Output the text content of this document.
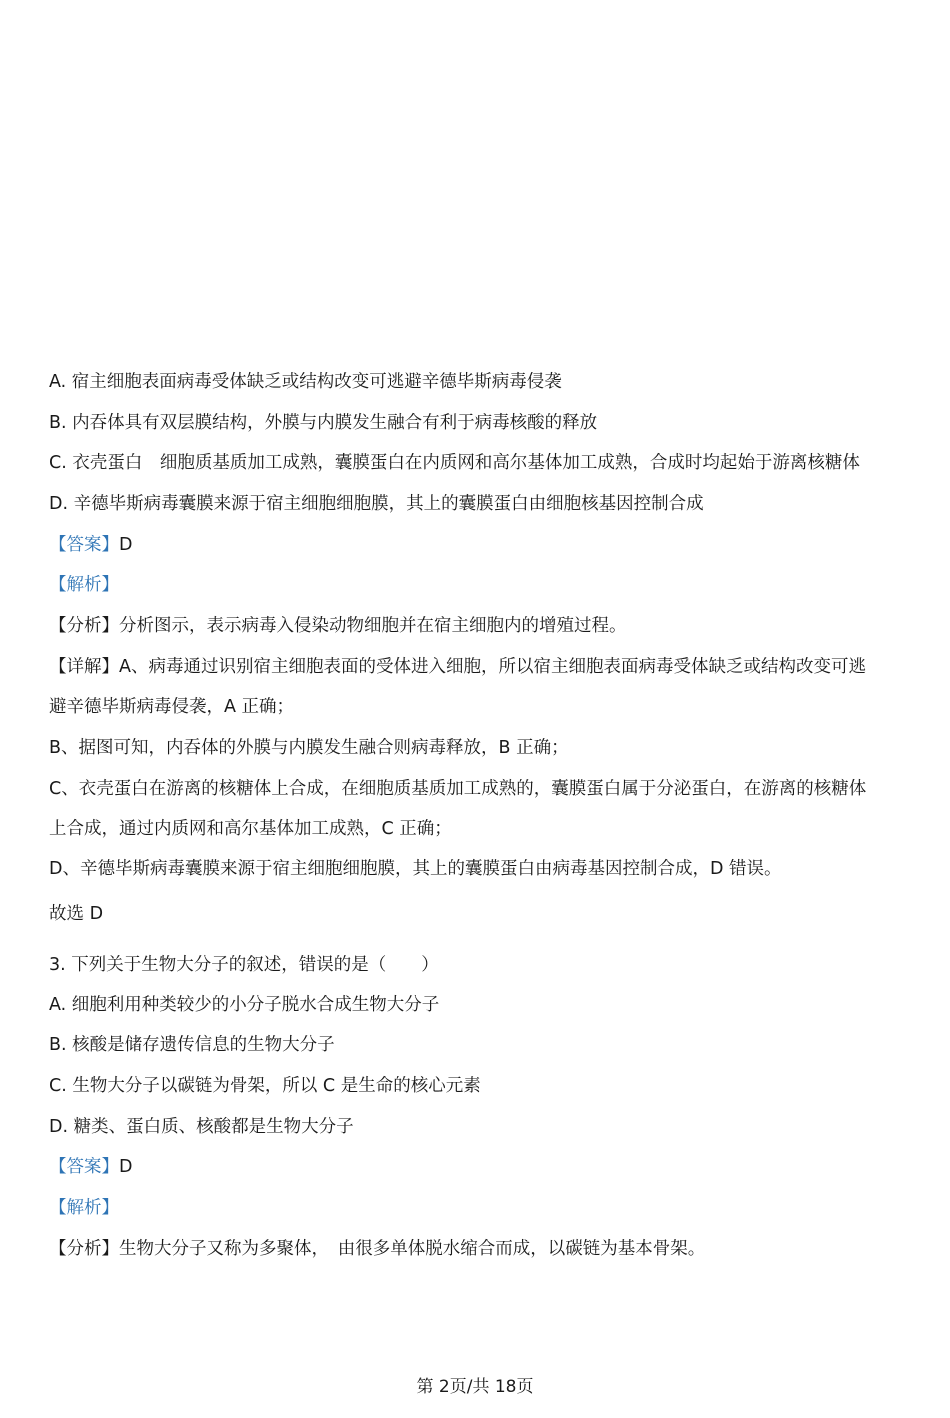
A. 宿主细胞表面病毒受体缺乏或结构改变可逃避辛德毕斯病毒侵袭
B. 内吞体具有双层膜结构，外膜与内膜发生融合有利于病毒核酸的释放
C. 衣壳蛋白　细胞质基质加工成熟，囊膜蛋白在内质网和高尔基体加工成熟，合成时均起始于游离核糖体
D. 辛德毕斯病毒囊膜来源于宿主细胞细胞膜，其上的囊膜蛋白由细胞核基因控制合成
【答案】D
【解析】
【分析】分析图示，表示病毒入侵染动物细胞并在宿主细胞内的增殖过程。
【详解】A、病毒通过识别宿主细胞表面的受体进入细胞，所以宿主细胞表面病毒受体缺乏或结构改变可逃
避辛德毕斯病毒侵袭，A 正确；
B、据图可知，内吞体的外膜与内膜发生融合则病毒释放，B 正确；
C、衣壳蛋白在游离的核糖体上合成，在细胞质基质加工成熟的，囊膜蛋白属于分泌蛋白，在游离的核糖体
上合成，通过内质网和高尔基体加工成熟，C 正确；
D、辛德毕斯病毒囊膜来源于宿主细胞细胞膜，其上的囊膜蛋白由病毒基因控制合成，D 错误。
故选 D
3. 下列关于生物大分子的叙述，错误的是（　　）
A. 细胞利用种类较少的小分子脱水合成生物大分子
B. 核酸是储存遗传信息的生物大分子
C. 生物大分子以碳链为骨架，所以 C 是生命的核心元素
D. 糖类、蛋白质、核酸都是生物大分子
【答案】D
【解析】
【分析】生物大分子又称为多聚体，　由很多单体脱水缩合而成，以碳链为基本骨架。
第 2页/共 18页
